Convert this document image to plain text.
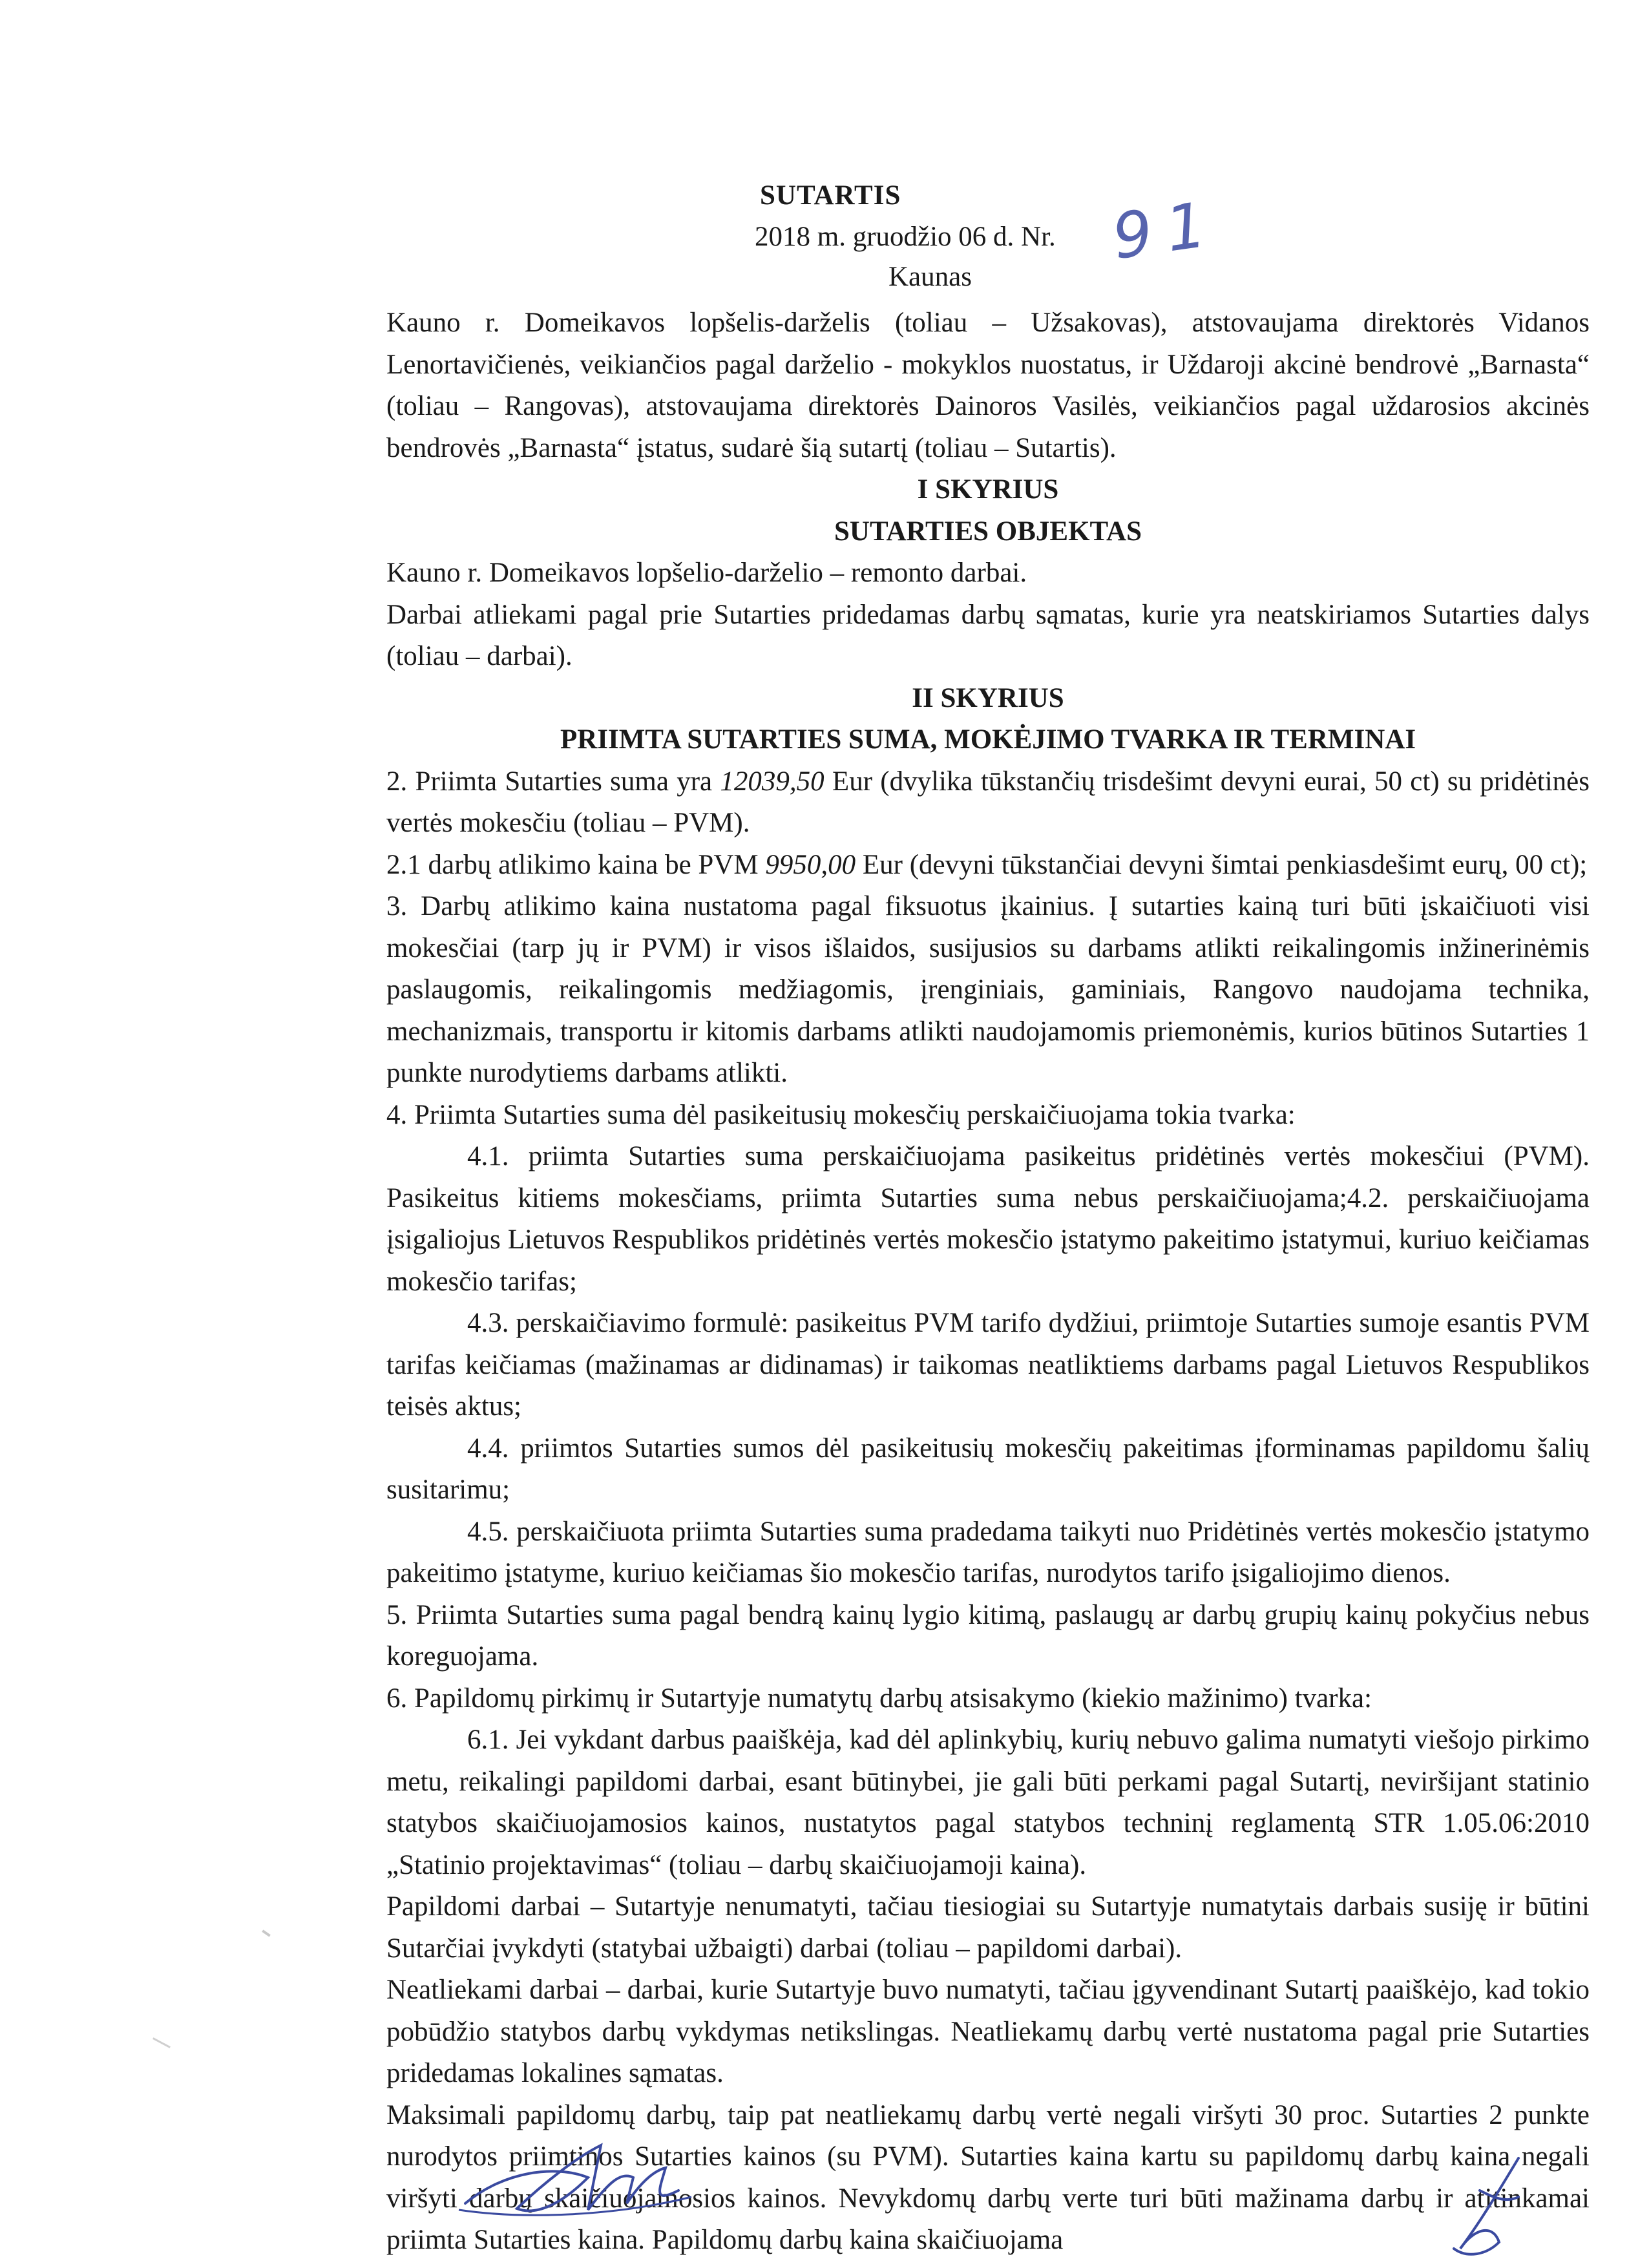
SUTARTIS
2018 m. gruodžio 06 d. Nr. 91
Kaunas

Kauno r. Domeikavos lopšelis-darželis (toliau – Užsakovas), atstovaujama direktorės Vidanos Lenortavičienės, veikiančios pagal darželio - mokyklos nuostatus, ir Uždaroji akcinė bendrovė „Barnasta“ (toliau – Rangovas), atstovaujama direktorės Dainoros Vasilės, veikiančios pagal uždarosios akcinės bendrovės „Barnasta“ įstatus, sudarė šią sutartį (toliau – Sutartis).

I SKYRIUS

SUTARTIES OBJEKTAS

Kauno r. Domeikavos lopšelio-darželio – remonto darbai.

Darbai atliekami pagal prie Sutarties pridedamas darbų sąmatas, kurie yra neatskiriamos Sutarties dalys (toliau – darbai).

II SKYRIUS

PRIIMTA SUTARTIES SUMA, MOKĖJIMO TVARKA IR TERMINAI

2. Priimta Sutarties suma yra 12039,50 Eur (dvylika tūkstančių trisdešimt devyni eurai, 50 ct) su pridėtinės vertės mokesčiu (toliau – PVM).

2.1 darbų atlikimo kaina be PVM 9950,00 Eur (devyni tūkstančiai devyni šimtai penkiasdešimt eurų, 00 ct);

3. Darbų atlikimo kaina nustatoma pagal fiksuotus įkainius. Į sutarties kainą turi būti įskaičiuoti visi mokesčiai (tarp jų ir PVM) ir visos išlaidos, susijusios su darbams atlikti reikalingomis inžinerinėmis paslaugomis, reikalingomis medžiagomis, įrenginiais, gaminiais, Rangovo naudojama technika, mechanizmais, transportu ir kitomis darbams atlikti naudojamomis priemonėmis, kurios būtinos Sutarties 1 punkte nurodytiems darbams atlikti.

4. Priimta Sutarties suma dėl pasikeitusių mokesčių perskaičiuojama tokia tvarka:

4.1. priimta Sutarties suma perskaičiuojama pasikeitus pridėtinės vertės mokesčiui (PVM). Pasikeitus kitiems mokesčiams, priimta Sutarties suma nebus perskaičiuojama;4.2. perskaičiuojama įsigaliojus Lietuvos Respublikos pridėtinės vertės mokesčio įstatymo pakeitimo įstatymui, kuriuo keičiamas mokesčio tarifas;

4.3. perskaičiavimo formulė: pasikeitus PVM tarifo dydžiui, priimtoje Sutarties sumoje esantis PVM tarifas keičiamas (mažinamas ar didinamas) ir taikomas neatliktiems darbams pagal Lietuvos Respublikos teisės aktus;

4.4. priimtos Sutarties sumos dėl pasikeitusių mokesčių pakeitimas įforminamas papildomu šalių susitarimu;

4.5. perskaičiuota priimta Sutarties suma pradedama taikyti nuo Pridėtinės vertės mokesčio įstatymo pakeitimo įstatyme, kuriuo keičiamas šio mokesčio tarifas, nurodytos tarifo įsigaliojimo dienos.

5. Priimta Sutarties suma pagal bendrą kainų lygio kitimą, paslaugų ar darbų grupių kainų pokyčius nebus koreguojama.

6. Papildomų pirkimų ir Sutartyje numatytų darbų atsisakymo (kiekio mažinimo) tvarka:

6.1. Jei vykdant darbus paaiškėja, kad dėl aplinkybių, kurių nebuvo galima numatyti viešojo pirkimo metu, reikalingi papildomi darbai, esant būtinybei, jie gali būti perkami pagal Sutartį, neviršijant statinio statybos skaičiuojamosios kainos, nustatytos pagal statybos techninį reglamentą STR 1.05.06:2010 „Statinio projektavimas“ (toliau – darbų skaičiuojamoji kaina).

Papildomi darbai – Sutartyje nenumatyti, tačiau tiesiogiai su Sutartyje numatytais darbais susiję ir būtini Sutarčiai įvykdyti (statybai užbaigti) darbai (toliau – papildomi darbai).

Neatliekami darbai – darbai, kurie Sutartyje buvo numatyti, tačiau įgyvendinant Sutartį paaiškėjo, kad tokio pobūdžio statybos darbų vykdymas netikslingas. Neatliekamų darbų vertė nustatoma pagal prie Sutarties pridedamas lokalines sąmatas.

Maksimali papildomų darbų, taip pat neatliekamų darbų vertė negali viršyti 30 proc. Sutarties 2 punkte nurodytos priimtinos Sutarties kainos (su PVM). Sutarties kaina kartu su papildomų darbų kaina negali viršyti darbų skaičiuojamosios kainos. Nevykdomų darbų verte turi būti mažinama darbų ir atitinkamai priimta Sutarties kaina. Papildomų darbų kaina skaičiuojama
